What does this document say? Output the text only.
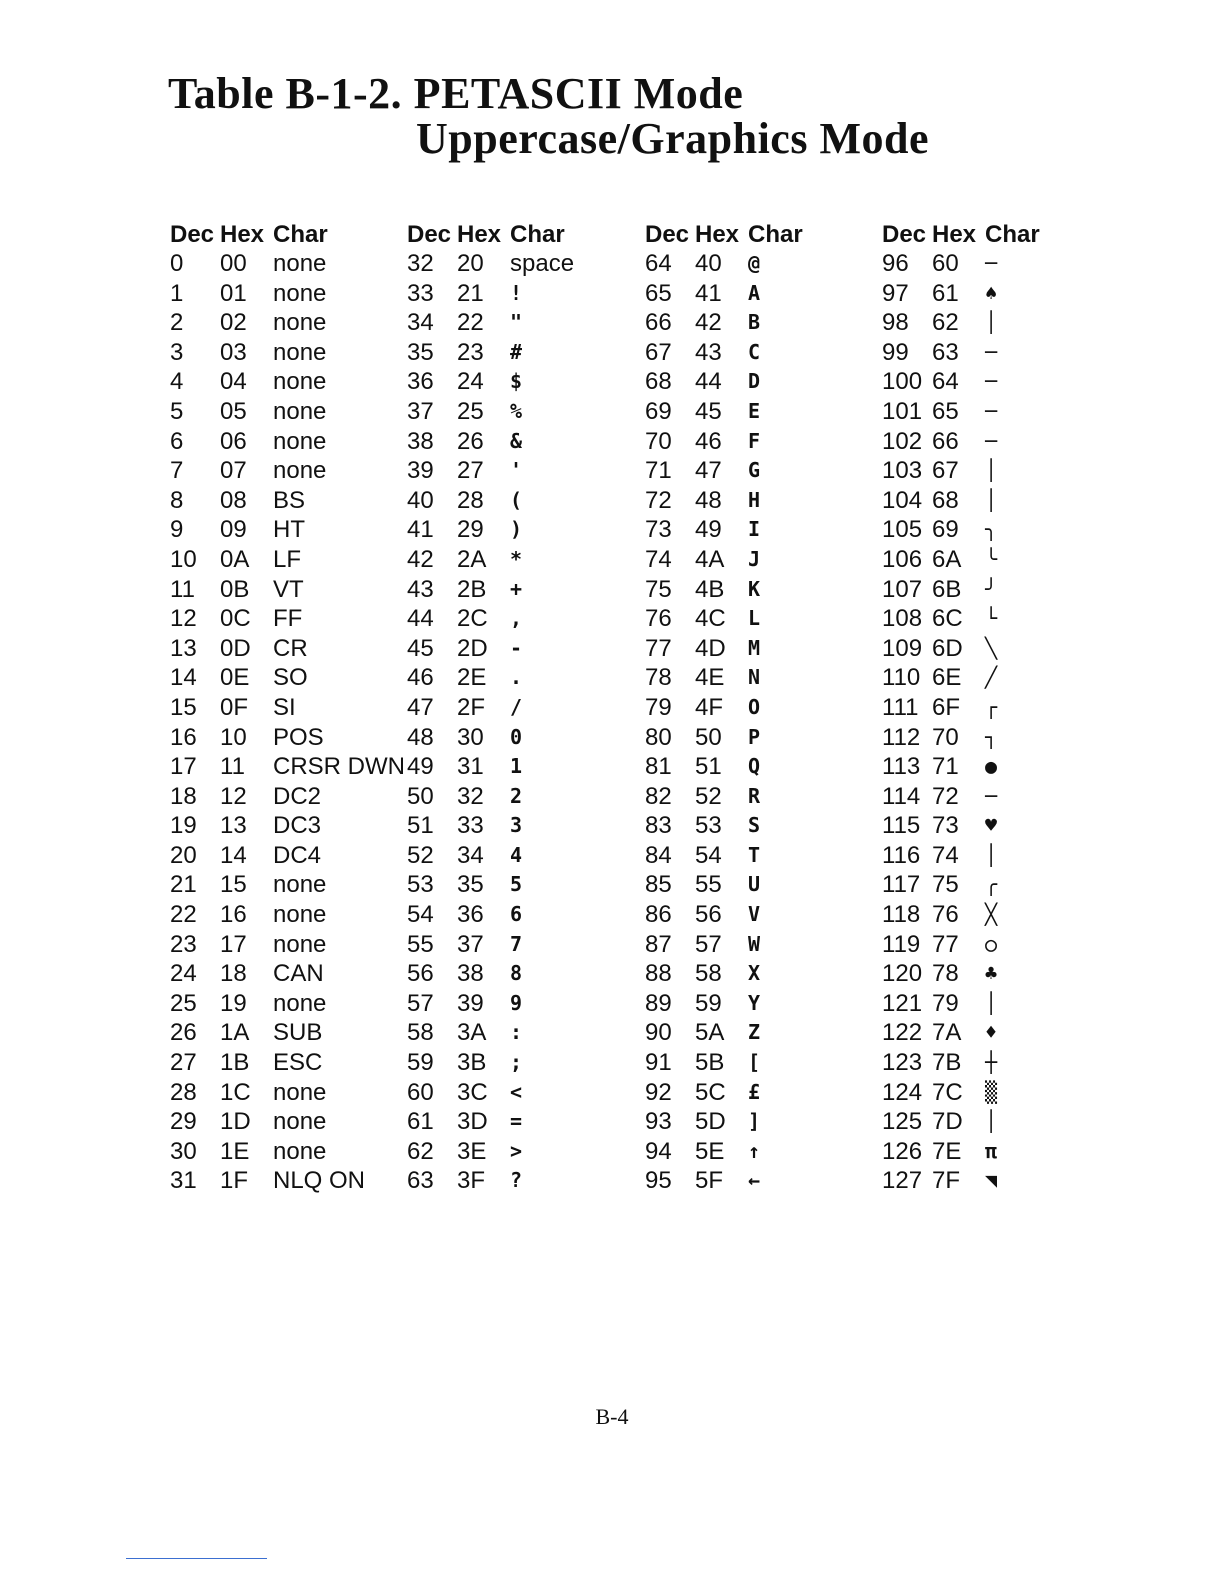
Table B-1-2. PETASCII Mode
Uppercase/Graphics Mode
Dec Hex Char
0 00 none
1 01 none
2 02 none
3 03 none
4 04 none
5 05 none
6 06 none
7 07 none
8 08 BS
9 09 HT
10 0A LF
11 0B VT
12 0C FF
13 0D CR
14 0E SO
15 0F SI
16 10 POS
17 11 CRSR DWN
18 12 DC2
19 13 DC3
20 14 DC4
21 15 none
22 16 none
23 17 none
24 18 CAN
25 19 none
26 1A SUB
27 1B ESC
28 1C none
29 1D none
30 1E none
31 1F NLQ ON
Dec Hex Char
32 20 space
33 21 !
34 22 "
35 23 #
36 24 $
37 25 %
38 26 &
39 27 '
40 28 (
41 29 )
42 2A *
43 2B +
44 2C ,
45 2D -
46 2E .
47 2F /
48 30 0
49 31 1
50 32 2
51 33 3
52 34 4
53 35 5
54 36 6
55 37 7
56 38 8
57 39 9
58 3A :
59 3B ;
60 3C <
61 3D =
62 3E >
63 3F ?
Dec Hex Char
64 40 @
65 41 A
66 42 B
67 43 C
68 44 D
69 45 E
70 46 F
71 47 G
72 48 H
73 49 I
74 4A J
75 4B K
76 4C L
77 4D M
78 4E N
79 4F O
80 50 P
81 51 Q
82 52 R
83 53 S
84 54 T
85 55 U
86 56 V
87 57 W
88 58 X
89 59 Y
90 5A Z
91 5B [
92 5C £
93 5D ]
94 5E ↑
95 5F ←
Dec Hex Char
96 60 ─
97 61 ♠
98 62 │
99 63 ─
100 64 ─
101 65 ─
102 66 ─
103 67 │
104 68 │
105 69 ╮
106 6A ╰
107 6B ╯
108 6C └
109 6D ╲
110 6E ╱
111 6F ┌
112 70 ┐
113 71 ●
114 72 ─
115 73 ♥
116 74 │
117 75 ╭
118 76 ╳
119 77 ○
120 78 ♣
121 79 │
122 7A ♦
123 7B ┼
124 7C ▒
125 7D │
126 7E π
127 7F ◥
B-4
